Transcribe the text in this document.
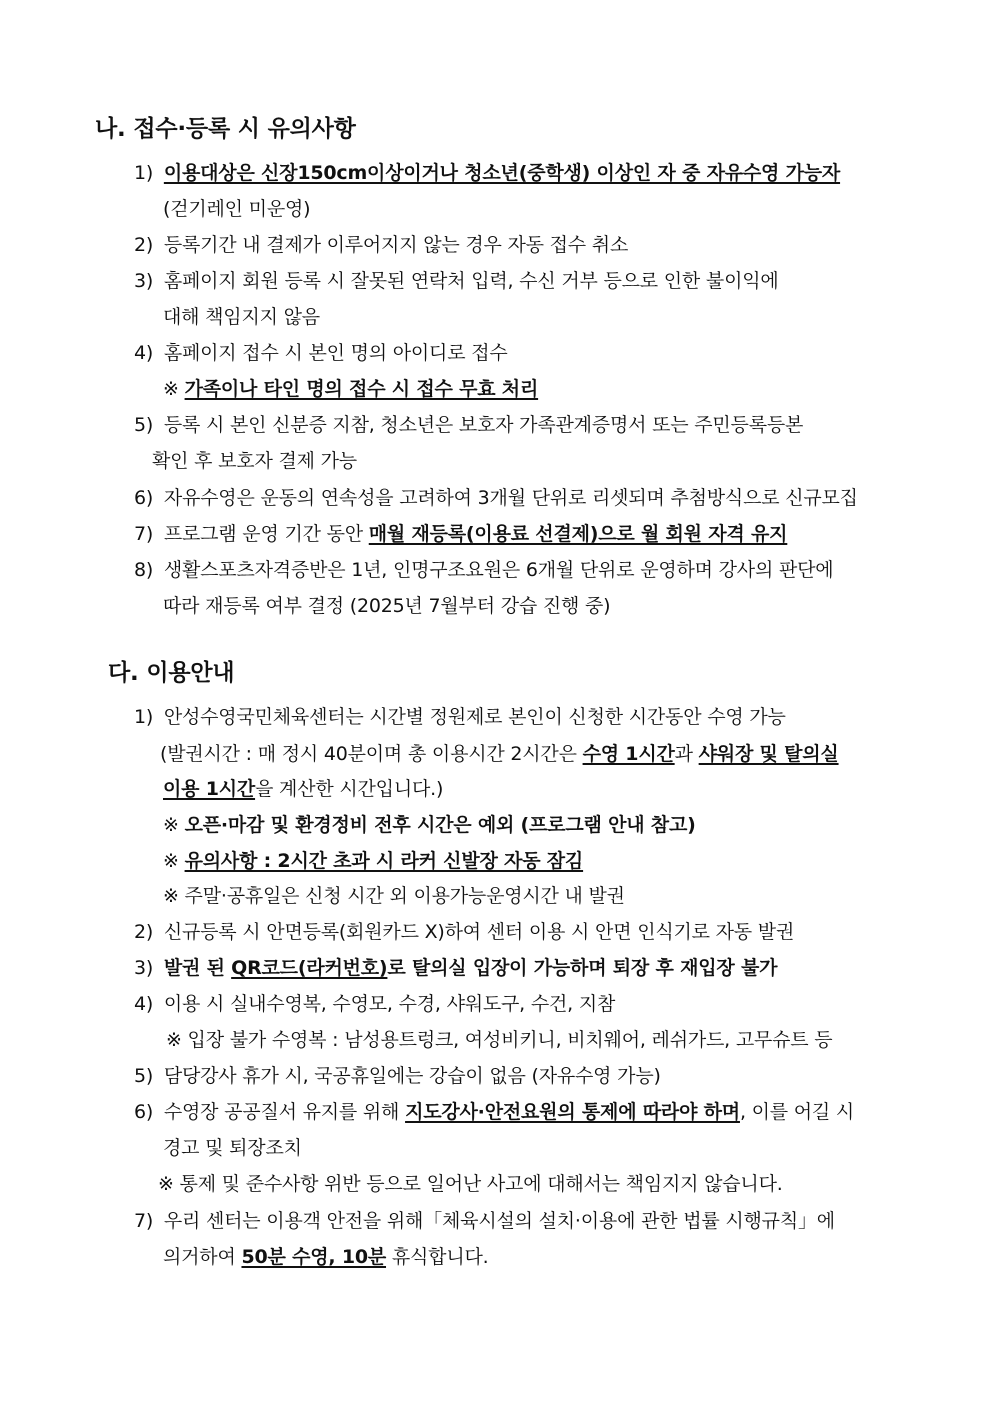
나. 접수·등록 시 유의사항
1) 이용대상은 신장150cm이상이거나 청소년(중학생) 이상인 자 중 자유수영 가능자
(걷기레인 미운영)
2) 등록기간 내 결제가 이루어지지 않는 경우 자동 접수 취소
3) 홈페이지 회원 등록 시 잘못된 연락처 입력, 수신 거부 등으로 인한 불이익에
대해 책임지지 않음
4) 홈페이지 접수 시 본인 명의 아이디로 접수
※ 가족이나 타인 명의 접수 시 접수 무효 처리
5) 등록 시 본인 신분증 지참, 청소년은 보호자 가족관계증명서 또는 주민등록등본
확인 후 보호자 결제 가능
6) 자유수영은 운동의 연속성을 고려하여 3개월 단위로 리셋되며 추첨방식으로 신규모집
7) 프로그램 운영 기간 동안 매월 재등록(이용료 선결제)으로 월 회원 자격 유지
8) 생활스포츠자격증반은 1년, 인명구조요원은 6개월 단위로 운영하며 강사의 판단에
따라 재등록 여부 결정 (2025년 7월부터 강습 진행 중)
다. 이용안내
1) 안성수영국민체육센터는 시간별 정원제로 본인이 신청한 시간동안 수영 가능
(발권시간 : 매 정시 40분이며 총 이용시간 2시간은 수영 1시간과 샤워장 및 탈의실
이용 1시간을 계산한 시간입니다.)
※ 오픈·마감 및 환경정비 전후 시간은 예외 (프로그램 안내 참고)
※ 유의사항 : 2시간 초과 시 라커 신발장 자동 잠김
※ 주말·공휴일은 신청 시간 외 이용가능운영시간 내 발권
2) 신규등록 시 안면등록(회원카드 X)하여 센터 이용 시 안면 인식기로 자동 발권
3) 발권 된 QR코드(라커번호)로 탈의실 입장이 가능하며 퇴장 후 재입장 불가
4) 이용 시 실내수영복, 수영모, 수경, 샤워도구, 수건, 지참
※ 입장 불가 수영복 : 남성용트렁크, 여성비키니, 비치웨어, 레쉬가드, 고무슈트 등
5) 담당강사 휴가 시, 국공휴일에는 강습이 없음 (자유수영 가능)
6) 수영장 공공질서 유지를 위해 지도강사·안전요원의 통제에 따라야 하며, 이를 어길 시
경고 및 퇴장조치
※ 통제 및 준수사항 위반 등으로 일어난 사고에 대해서는 책임지지 않습니다.
7) 우리 센터는 이용객 안전을 위해「체육시설의 설치·이용에 관한 법률 시행규칙」에
의거하여 50분 수영, 10분 휴식합니다.
